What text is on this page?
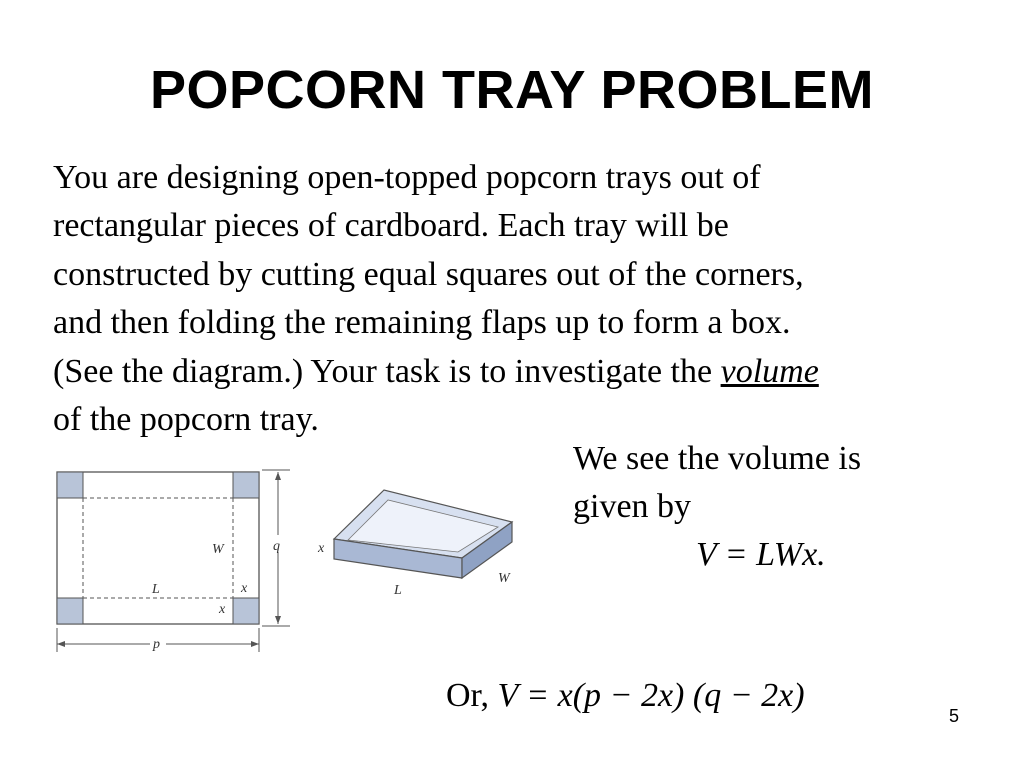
POPCORN TRAY PROBLEM
You are designing open-topped popcorn trays out of
rectangular pieces of cardboard. Each tray will be
constructed by cutting equal squares out of the corners,
and then folding the remaining flaps up to form a box.
(See the diagram.) Your task is to investigate the volume
of the popcorn tray.
q
p
W
L	x
x
x
W
L
We see the volume is
given by
V = LWx.
Or, V = x(p − 2x) (q − 2x)
5
